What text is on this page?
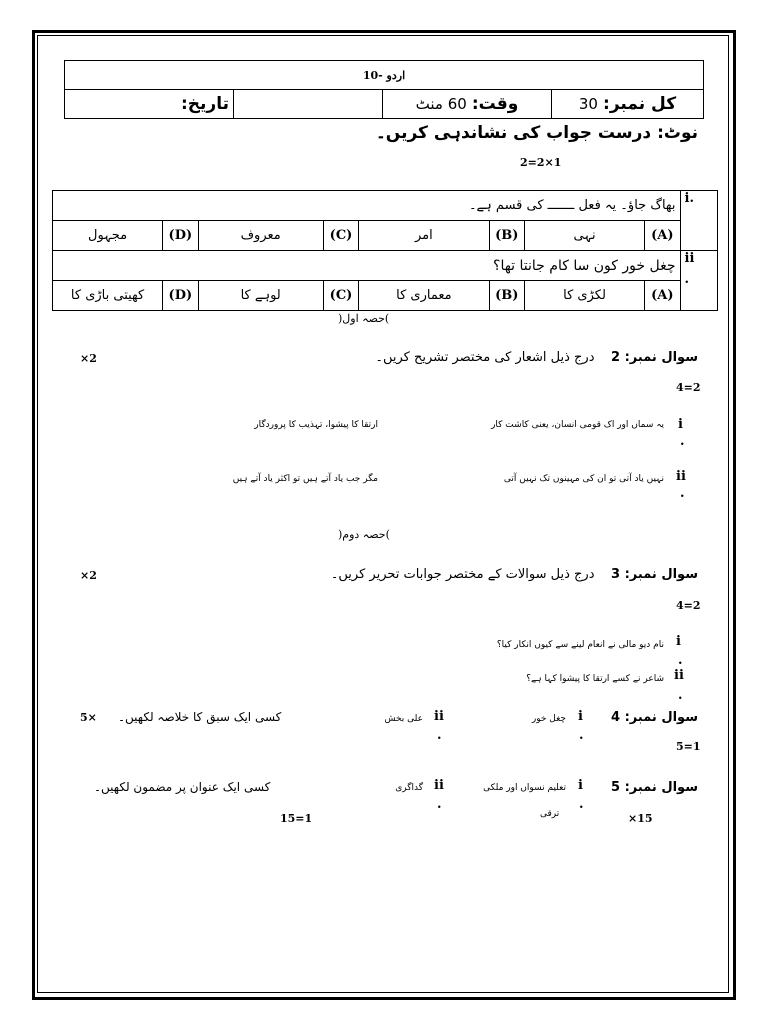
اردو -10
تاریخ:		وقت: 60 منٹ	کل نمبر: 30
نوٹ: درست جواب کی نشاندہی کریں۔
2=2×1
بھاگ جاؤ۔ یہ فعل ـــــــ کی قسم ہے۔								i.
مجہول	(D)	معروف	(C)	امر	(B)	نہی	(A)	
چغل خور کون سا کام جانتا تھا؟								ii
.

کھیتی باڑی کا	(D)	لوہے کا	(C)	معماری کا	(B)	لکڑی کا	(A)	
)حصہ اول(
سوال نمبر: 2    درج ذیل اشعار کی مختصر تشریح کریں۔
×2
4=2
i
.
یہ سماں اور اک قومی انسان، یعنی کاشت کار
ارتقا کا پیشوا، تہذیب کا پروردگار
ii
.
نہیں یاد آتی تو ان کی مہینوں تک نہیں آتی
مگر جب یاد آتے ہیں تو اکثر یاد آتے ہیں
)حصہ دوم(
سوال نمبر: 3    درج ذیل سوالات کے مختصر جوابات تحریر کریں۔
×2
4=2
i
.
نام دیو مالی نے انعام لینے سے کیوں انکار کیا؟
ii
.
شاعر نے کسے ارتقا کا پیشوا کہا ہے؟
سوال نمبر: 4
i
.
چغل خور
ii
.
علی بخش
کسی ایک سبق کا خلاصہ لکھیں۔
5×
5=1
سوال نمبر: 5
i
.
تعلیم نسواں اور ملکی
ترقی
ii
.
گداگری
کسی ایک عنوان پر مضمون لکھیں۔
×15
15=1
